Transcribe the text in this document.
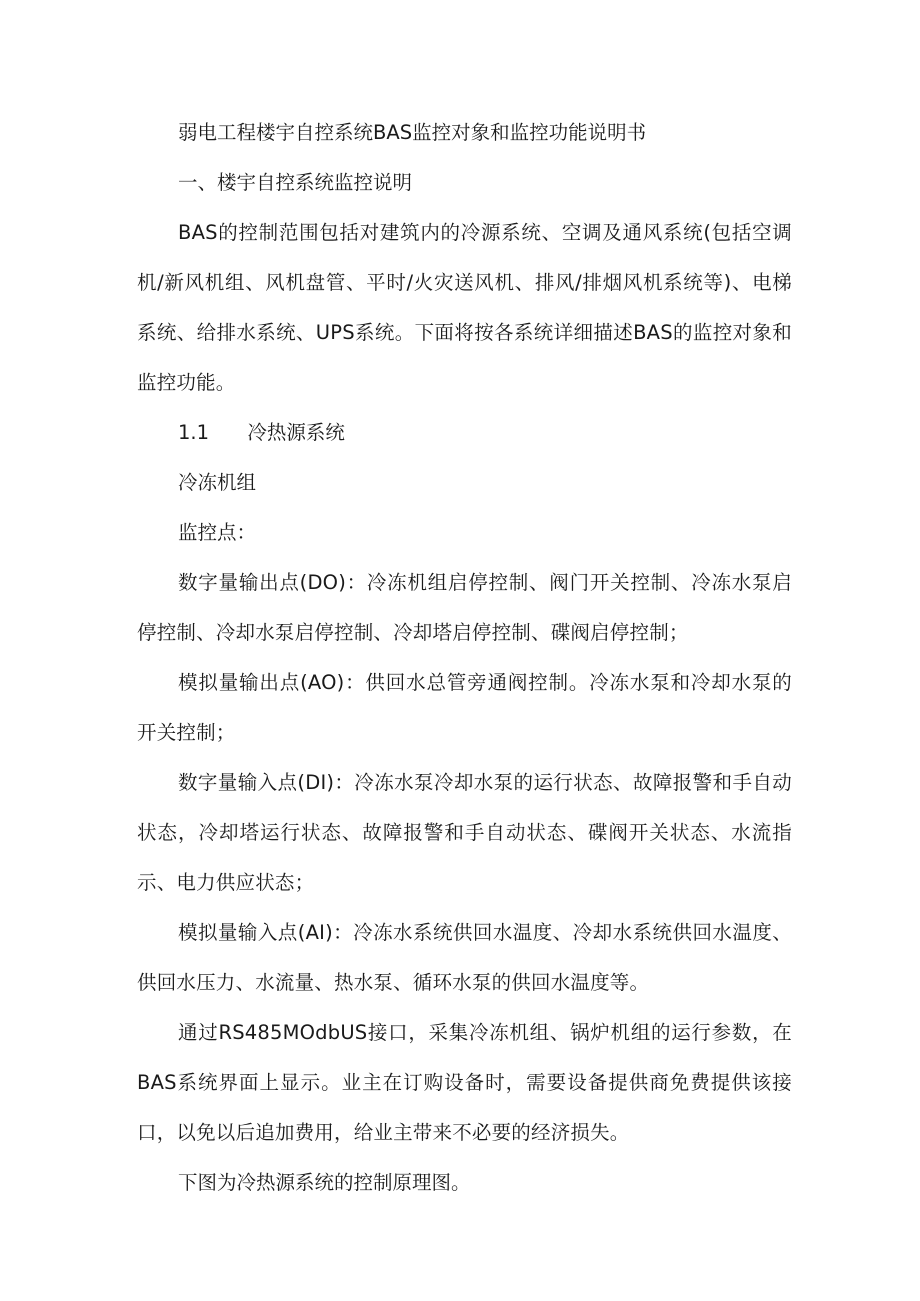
弱电工程楼宇自控系统BAS监控对象和监控功能说明书
一、楼宇自控系统监控说明

BAS的控制范围包括对建筑内的冷源系统、空调及通风系统(包括空调机/新风机组、风机盘管、平时/火灾送风机、排风/排烟风机系统等)、电梯系统、给排水系统、UPS系统。下面将按各系统详细描述BAS的监控对象和监控功能。

1.1 冷热源系统
冷冻机组
监控点：

数字量输出点(DO)：冷冻机组启停控制、阀门开关控制、冷冻水泵启停控制、冷却水泵启停控制、冷却塔启停控制、碟阀启停控制；

模拟量输出点(AO)：供回水总管旁通阀控制。冷冻水泵和冷却水泵的开关控制；

数字量输入点(DI)：冷冻水泵冷却水泵的运行状态、故障报警和手自动状态，冷却塔运行状态、故障报警和手自动状态、碟阀开关状态、水流指示、电力供应状态；

模拟量输入点(AI)：冷冻水系统供回水温度、冷却水系统供回水温度、供回水压力、水流量、热水泵、循环水泵的供回水温度等。

通过RS485MOdbUS接口，采集冷冻机组、锅炉机组的运行参数，在BAS系统界面上显示。业主在订购设备时，需要设备提供商免费提供该接口，以免以后追加费用，给业主带来不必要的经济损失。

下图为冷热源系统的控制原理图。
